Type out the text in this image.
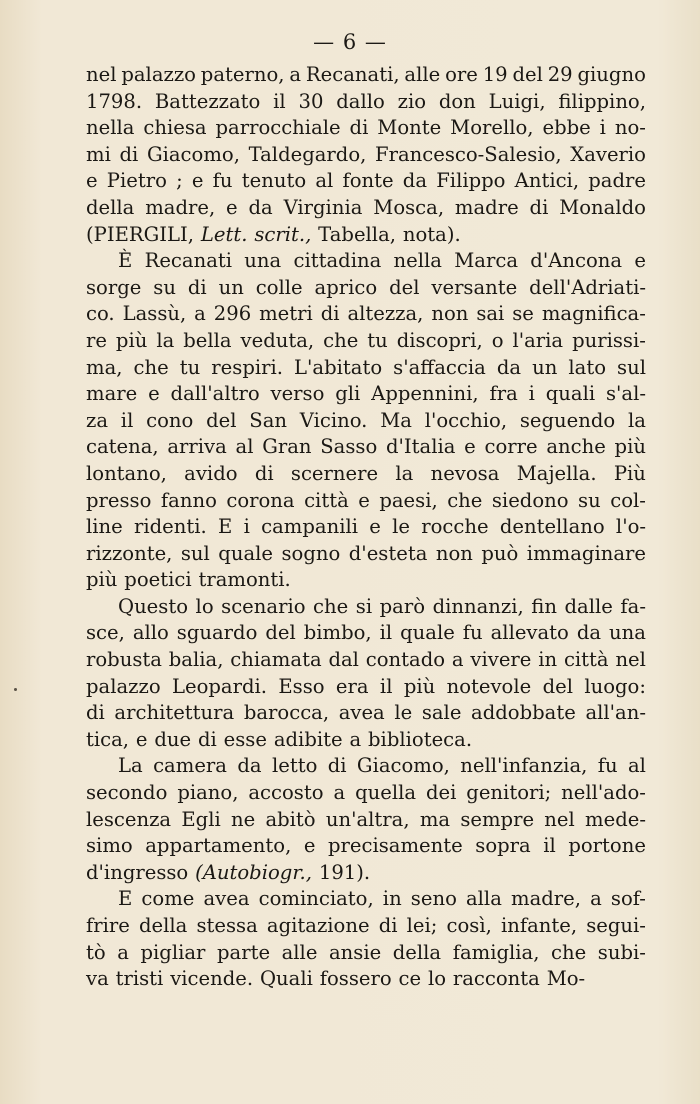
— 6 —
nel palazzo paterno, a Recanati, alle ore 19 del 29 giugno
1798. Battezzato il 30 dallo zio don Luigi, filippino,
nella chiesa parrocchiale di Monte Morello, ebbe i no-
mi di Giacomo, Taldegardo, Francesco-Salesio, Xaverio
e Pietro ; e fu tenuto al fonte da Filippo Antici, padre
della madre, e da Virginia Mosca, madre di Monaldo
(PIERGILI, Lett. scrit., Tabella, nota).
È Recanati una cittadina nella Marca d'Ancona e
sorge su di un colle aprico del versante dell'Adriati-
co. Lassù, a 296 metri di altezza, non sai se magnifica-
re più la bella veduta, che tu discopri, o l'aria purissi-
ma, che tu respiri. L'abitato s'affaccia da un lato sul
mare e dall'altro verso gli Appennini, fra i quali s'al-
za il cono del San Vicino. Ma l'occhio, seguendo la
catena, arriva al Gran Sasso d'Italia e corre anche più
lontano, avido di scernere la nevosa Majella. Più
presso fanno corona città e paesi, che siedono su col-
line ridenti. E i campanili e le rocche dentellano l'o-
rizzonte, sul quale sogno d'esteta non può immaginare
più poetici tramonti.
Questo lo scenario che si parò dinnanzi, fin dalle fa-
sce, allo sguardo del bimbo, il quale fu allevato da una
robusta balia, chiamata dal contado a vivere in città nel
palazzo Leopardi. Esso era il più notevole del luogo:
di architettura barocca, avea le sale addobbate all'an-
tica, e due di esse adibite a biblioteca.
La camera da letto di Giacomo, nell'infanzia, fu al
secondo piano, accosto a quella dei genitori; nell'ado-
lescenza Egli ne abitò un'altra, ma sempre nel mede-
simo appartamento, e precisamente sopra il portone
d'ingresso (Autobiogr., 191).
E come avea cominciato, in seno alla madre, a sof-
frire della stessa agitazione di lei; così, infante, segui-
tò a pigliar parte alle ansie della famiglia, che subi-
va tristi vicende. Quali fossero ce lo racconta Mo-
